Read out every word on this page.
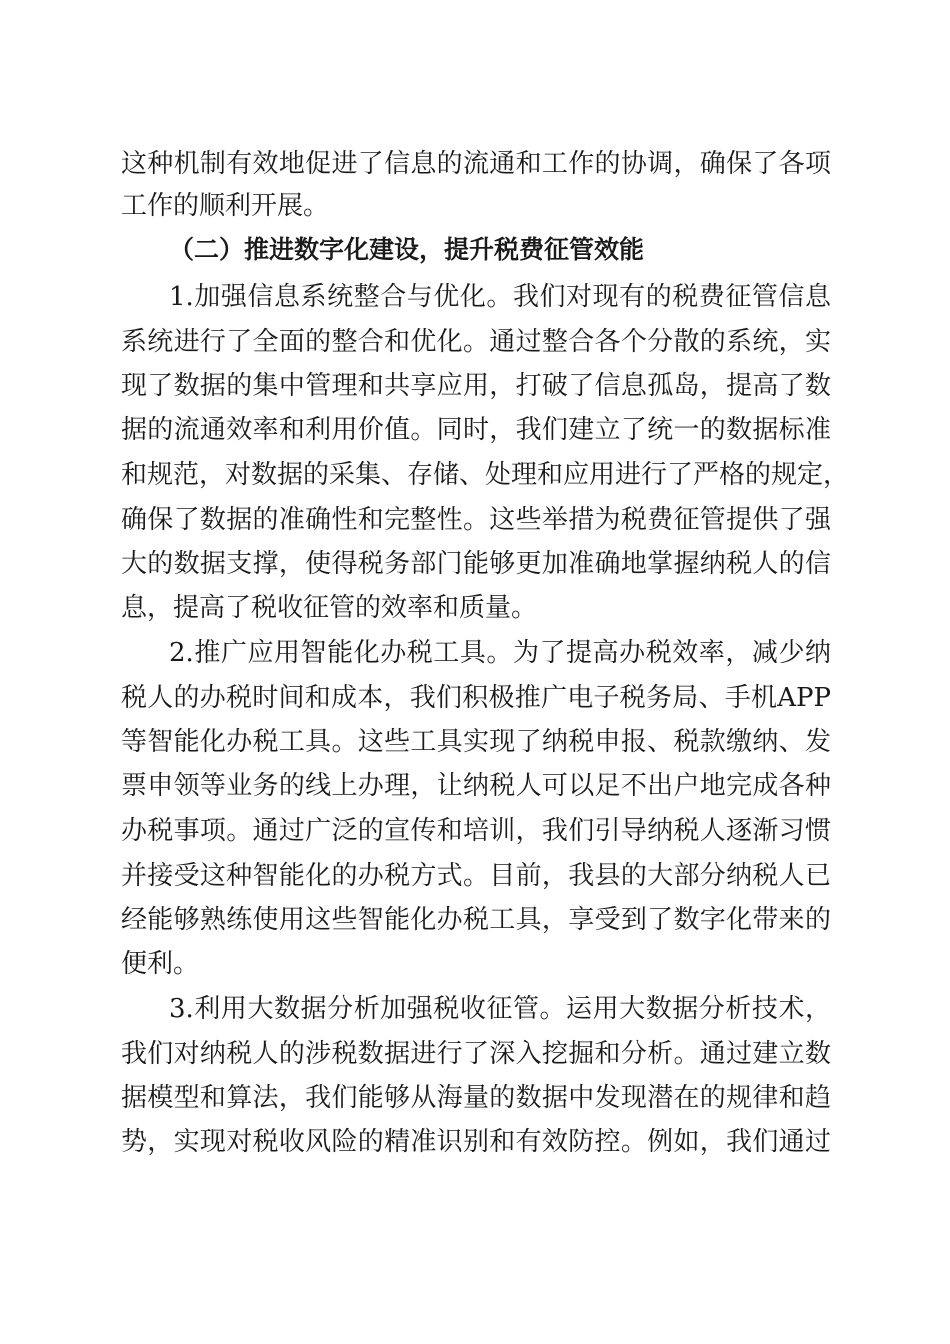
这种机制有效地促进了信息的流通和工作的协调，确保了各项
工作的顺利开展。
（二）推进数字化建设，提升税费征管效能
1.加强信息系统整合与优化。我们对现有的税费征管信息
系统进行了全面的整合和优化。通过整合各个分散的系统，实
现了数据的集中管理和共享应用，打破了信息孤岛，提高了数
据的流通效率和利用价值。同时，我们建立了统一的数据标准
和规范，对数据的采集、存储、处理和应用进行了严格的规定，
确保了数据的准确性和完整性。这些举措为税费征管提供了强
大的数据支撑，使得税务部门能够更加准确地掌握纳税人的信
息，提高了税收征管的效率和质量。
2.推广应用智能化办税工具。为了提高办税效率，减少纳
税人的办税时间和成本，我们积极推广电子税务局、手机APP
等智能化办税工具。这些工具实现了纳税申报、税款缴纳、发
票申领等业务的线上办理，让纳税人可以足不出户地完成各种
办税事项。通过广泛的宣传和培训，我们引导纳税人逐渐习惯
并接受这种智能化的办税方式。目前，我县的大部分纳税人已
经能够熟练使用这些智能化办税工具，享受到了数字化带来的
便利。
3.利用大数据分析加强税收征管。运用大数据分析技术，
我们对纳税人的涉税数据进行了深入挖掘和分析。通过建立数
据模型和算法，我们能够从海量的数据中发现潜在的规律和趋
势，实现对税收风险的精准识别和有效防控。例如，我们通过
